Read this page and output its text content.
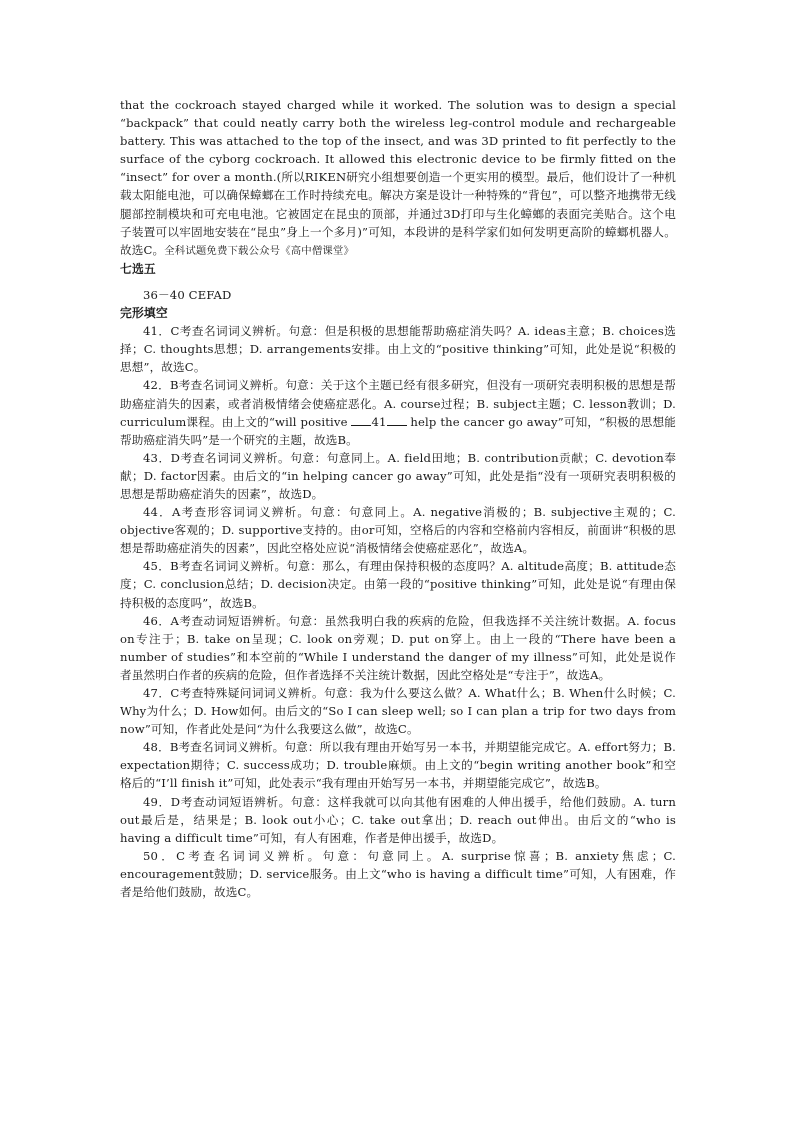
that the cockroach stayed charged while it worked. The solution was to design a special “backpack” that could neatly carry both the wireless leg-control module and rechargeable battery. This was attached to the top of the insect, and was 3D printed to fit perfectly to the surface of the cyborg cockroach. It allowed this electronic device to be firmly fitted on the “insect” for over a month.(所以RIKEN研究小组想要创造一个更实用的模型。最后，他们设计了一种机载太阳能电池，可以确保蟑螂在工作时持续充电。解决方案是设计一种特殊的“背包”，可以整齐地携带无线腿部控制模块和可充电电池。它被固定在昆虫的顶部，并通过3D打印与生化蟑螂的表面完美贴合。这个电子装置可以牢固地安装在“昆虫”身上一个多月)”可知，本段讲的是科学家们如何发明更高阶的蟑螂机器人。故选C。全科试题免费下载公众号《高中僧课堂》

七选五

36－40 CEFAD

完形填空

41．C考查名词词义辨析。句意：但是积极的思想能帮助癌症消失吗？A. ideas主意；B. choices选择；C. thoughts思想；D. arrangements安排。由上文的“positive thinking”可知，此处是说“积极的思想”，故选C。

42．B考查名词词义辨析。句意：关于这个主题已经有很多研究，但没有一项研究表明积极的思想是帮助癌症消失的因素，或者消极情绪会使癌症恶化。A. course过程；B. subject主题；C. lesson教训；D. curriculum课程。由上文的“will positive 41 help the cancer go away”可知，“积极的思想能帮助癌症消失吗”是一个研究的主题，故选B。

43．D考查名词词义辨析。句意：句意同上。A. field田地；B. contribution贡献；C. devotion奉献；D. factor因素。由后文的“in helping cancer go away”可知，此处是指“没有一项研究表明积极的思想是帮助癌症消失的因素”，故选D。

44．A考查形容词词义辨析。句意：句意同上。A. negative消极的；B. subjective主观的；C. objective客观的；D. supportive支持的。由or可知，空格后的内容和空格前内容相反，前面讲“积极的思想是帮助癌症消失的因素”，因此空格处应说“消极情绪会使癌症恶化”，故选A。

45．B考查名词词义辨析。句意：那么，有理由保持积极的态度吗？A. altitude高度；B. attitude态度；C. conclusion总结；D. decision决定。由第一段的“positive thinking”可知，此处是说“有理由保持积极的态度吗”，故选B。

46．A考查动词短语辨析。句意：虽然我明白我的疾病的危险，但我选择不关注统计数据。A. focus on专注于；B. take on呈现；C. look on旁观；D. put on穿上。由上一段的“There have been a number of studies”和本空前的“While I understand the danger of my illness”可知，此处是说作者虽然明白作者的疾病的危险，但作者选择不关注统计数据，因此空格处是“专注于”，故选A。

47．C考查特殊疑问词词义辨析。句意：我为什么要这么做？A. What什么；B. When什么时候；C. Why为什么；D. How如何。由后文的“So I can sleep well; so I can plan a trip for two days from now”可知，作者此处是问“为什么我要这么做”，故选C。

48．B考查名词词义辨析。句意：所以我有理由开始写另一本书，并期望能完成它。A. effort努力；B. expectation期待；C. success成功；D. trouble麻烦。由上文的“begin writing another book”和空格后的“I’ll finish it”可知，此处表示“我有理由开始写另一本书，并期望能完成它”，故选B。

49．D考查动词短语辨析。句意：这样我就可以向其他有困难的人伸出援手，给他们鼓励。A. turn out最后是，结果是；B. look out小心；C. take out拿出；D. reach out伸出。由后文的“who is having a difficult time”可知，有人有困难，作者是伸出援手，故选D。

50．C考查名词词义辨析。句意：句意同上。A. surprise惊喜；B. anxiety焦虑；C. encouragement鼓励；D. service服务。由上文“who is having a difficult time”可知，人有困难，作者是给他们鼓励，故选C。
